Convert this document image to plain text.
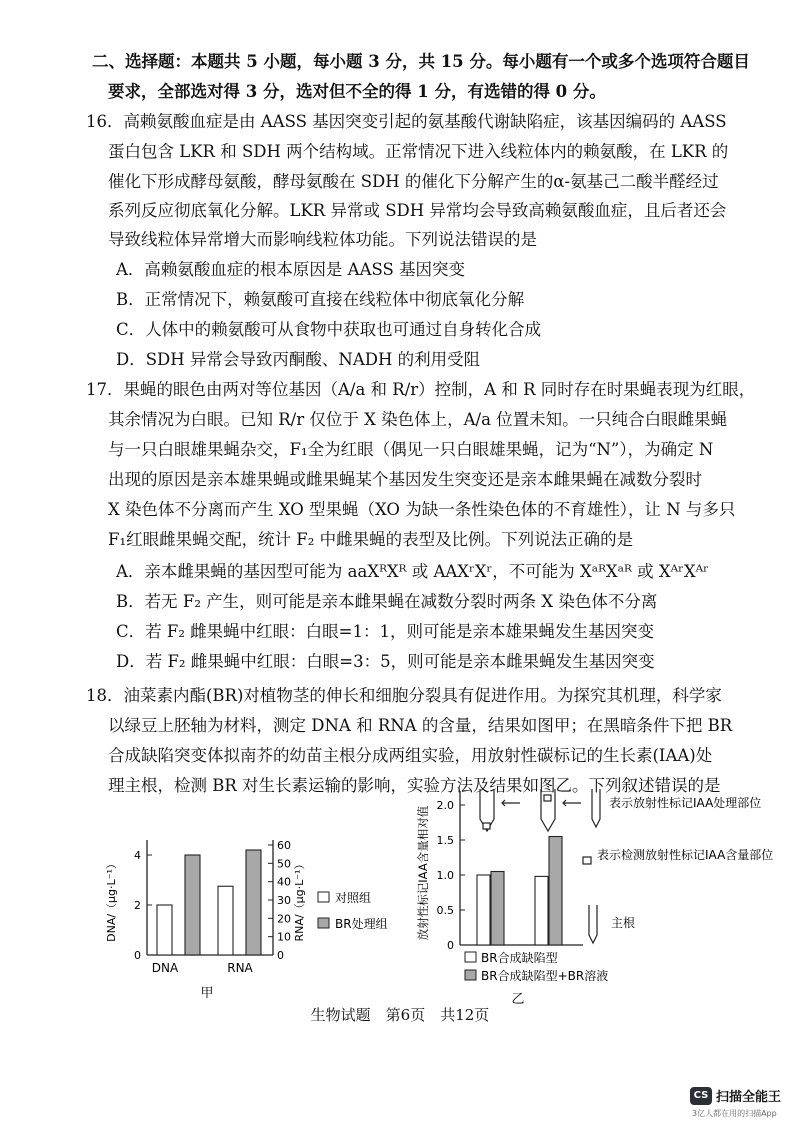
二、选择题：本题共 5 小题，每小题 3 分，共 15 分。每小题有一个或多个选项符合题目
要求，全部选对得 3 分，选对但不全的得 1 分，有选错的得 0 分。
16．高赖氨酸血症是由 AASS 基因突变引起的氨基酸代谢缺陷症，该基因编码的 AASS
蛋白包含 LKR 和 SDH 两个结构域。正常情况下进入线粒体内的赖氨酸，在 LKR 的
催化下形成酵母氨酸，酵母氨酸在 SDH 的催化下分解产生的α-氨基己二酸半醛经过
系列反应彻底氧化分解。LKR 异常或 SDH 异常均会导致高赖氨酸血症，且后者还会
导致线粒体异常增大而影响线粒体功能。下列说法错误的是
A．高赖氨酸血症的根本原因是 AASS 基因突变
B．正常情况下，赖氨酸可直接在线粒体中彻底氧化分解
C．人体中的赖氨酸可从食物中获取也可通过自身转化合成
D．SDH 异常会导致丙酮酸、NADH 的利用受阻
17．果蝇的眼色由两对等位基因（A/a 和 R/r）控制，A 和 R 同时存在时果蝇表现为红眼，
其余情况为白眼。已知 R/r 仅位于 X 染色体上，A/a 位置未知。一只纯合白眼雌果蝇
与一只白眼雄果蝇杂交，F₁全为红眼（偶见一只白眼雄果蝇，记为“N”），为确定 N
出现的原因是亲本雄果蝇或雌果蝇某个基因发生突变还是亲本雌果蝇在减数分裂时
X 染色体不分离而产生 XO 型果蝇（XO 为缺一条性染色体的不育雄性），让 N 与多只
F₁红眼雌果蝇交配，统计 F₂ 中雌果蝇的表型及比例。下列说法正确的是
A．亲本雌果蝇的基因型可能为 aaXᴿXᴿ 或 AAXʳXʳ，不可能为 XᵃᴿXᵃᴿ 或 XᴬʳXᴬʳ
B．若无 F₂ 产生，则可能是亲本雌果蝇在减数分裂时两条 X 染色体不分离
C．若 F₂ 雌果蝇中红眼：白眼=1：1，则可能是亲本雄果蝇发生基因突变
D．若 F₂ 雌果蝇中红眼：白眼=3：5，则可能是亲本雌果蝇发生基因突变
18．油菜素内酯(BR)对植物茎的伸长和细胞分裂具有促进作用。为探究其机理，科学家
以绿豆上胚轴为材料，测定 DNA 和 RNA 的含量，结果如图甲；在黑暗条件下把 BR
合成缺陷突变体拟南芥的幼苗主根分成两组实验，用放射性碳标记的生长素(IAA)处
理主根，检测 BR 对生长素运输的影响，实验方法及结果如图乙。下列叙述错误的是
0
2
4
0
10
20
30
40
50
60
DNA/（μg·L⁻¹）	RNA/（μg·L⁻¹）
DNA	RNA
甲
对照组
BR处理组
0
0.5
1.0
1.5
2.0
放射性标记IAA含量相对值
BR合成缺陷型
BR合成缺陷型+BR溶液
乙
表示放射性标记IAA处理部位
表示检测放射性标记IAA含量部位
主根
生物试题　第6页　共12页
CS 扫描全能王
3亿人都在用的扫描App
